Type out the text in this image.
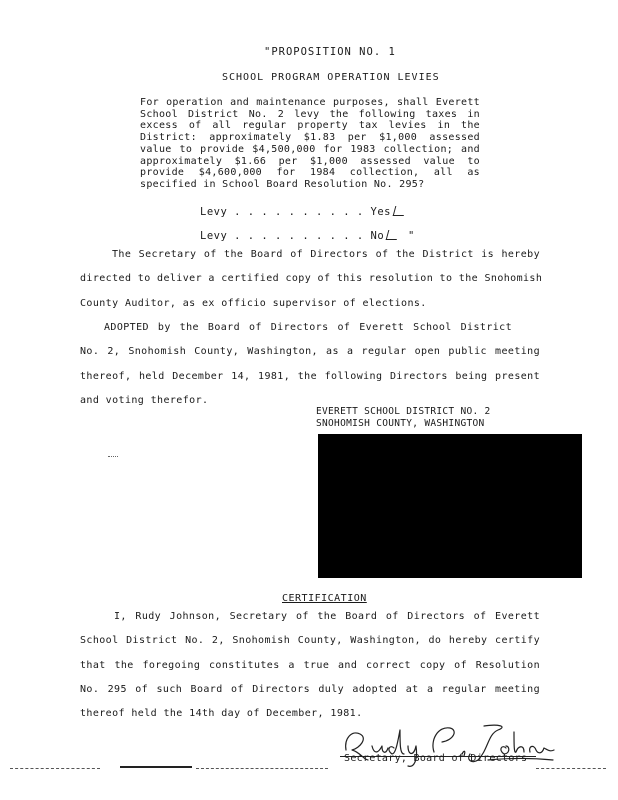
"PROPOSITION NO. 1
SCHOOL PROGRAM OPERATION LEVIES
For operation and maintenance purposes, shall Everett School District No. 2 levy the following taxes in excess of all regular property tax levies in the District: approximately $1.83 per $1,000 assessed value to provide $4,500,000 for 1983 collection; and approximately $1.66 per $1,000 assessed value to provide $4,600,000 for 1984 collection, all as specified in School Board Resolution No. 295?
Levy . . . . . . . . . . Yes
Levy . . . . . . . . . . No "
The Secretary of the Board of Directors of the District is hereby
directed to deliver a certified copy of this resolution to the Snohomish
County Auditor, as ex officio supervisor of elections.
ADOPTED by the Board of Directors of Everett School District
No. 2, Snohomish County, Washington, as a regular open public meeting
thereof, held December 14, 1981, the following Directors being present
and voting therefor.
EVERETT SCHOOL DISTRICT NO. 2
SNOHOMISH COUNTY, WASHINGTON
CERTIFICATION
I, Rudy Johnson, Secretary of the Board of Directors of Everett
School District No. 2, Snohomish County, Washington, do hereby certify
that the foregoing constitutes a true and correct copy of Resolution
No. 295 of such Board of Directors duly adopted at a regular meeting
thereof held the 14th day of December, 1981.
Secretary, Board of Directors
